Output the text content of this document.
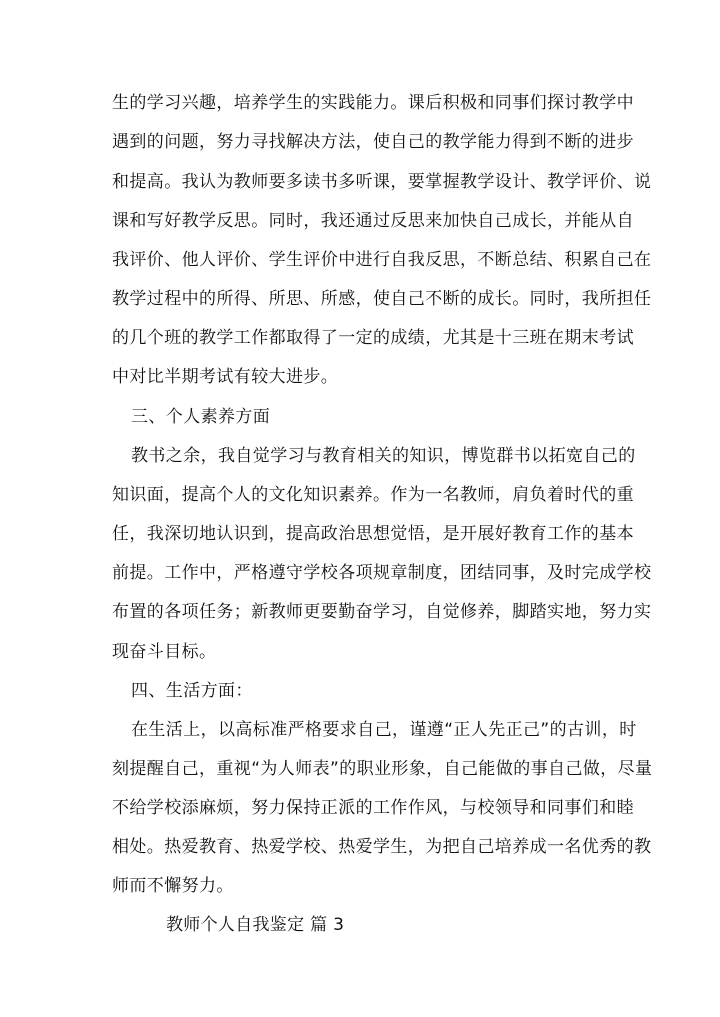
生的学习兴趣，培养学生的实践能力。课后积极和同事们探讨教学中
遇到的问题，努力寻找解决方法，使自己的教学能力得到不断的进步
和提高。我认为教师要多读书多听课，要掌握教学设计、教学评价、说
课和写好教学反思。同时，我还通过反思来加快自己成长，并能从自
我评价、他人评价、学生评价中进行自我反思，不断总结、积累自己在
教学过程中的所得、所思、所感，使自己不断的成长。同时，我所担任
的几个班的教学工作都取得了一定的成绩，尤其是十三班在期末考试
中对比半期考试有较大进步。
三、个人素养方面
教书之余，我自觉学习与教育相关的知识，博览群书以拓宽自己的
知识面，提高个人的文化知识素养。作为一名教师，肩负着时代的重
任，我深切地认识到，提高政治思想觉悟，是开展好教育工作的基本
前提。工作中，严格遵守学校各项规章制度，团结同事，及时完成学校
布置的各项任务；新教师更要勤奋学习，自觉修养，脚踏实地，努力实
现奋斗目标。
四、生活方面：
在生活上，以高标准严格要求自己，谨遵“正人先正己”的古训，时
刻提醒自己，重视“为人师表”的职业形象，自己能做的事自己做，尽量
不给学校添麻烦，努力保持正派的工作作风，与校领导和同事们和睦
相处。热爱教育、热爱学校、热爱学生，为把自己培养成一名优秀的教
师而不懈努力。
教师个人自我鉴定 篇 3
